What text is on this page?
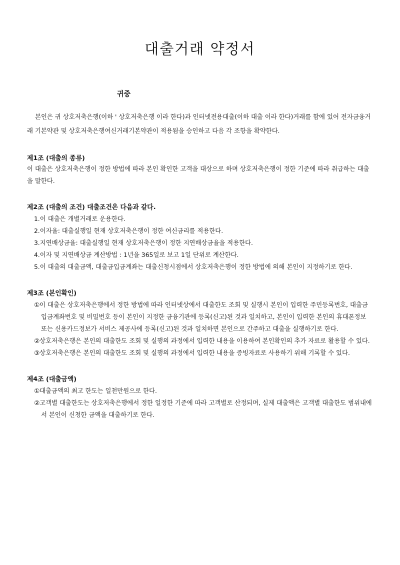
대출거래 약정서
귀중

본인은 귀 상호저축은행(이하 ' 상호저축은행 이라 한다)과 인터넷전용대출(이하 대출 이라 한다)거래를 함에 있어 전자금융거래 기본약관 및 상호저축은행여신거래기본약관이 적용됨을 승인하고 다음 각 조항을 확약한다.

제1조 (대출의 종류)

이 대출은 상호저축은행이 정한 방법에 따라 본인 확인한 고객을 대상으로 하며 상호저축은행이 정한 기준에 따라 취급하는 대출을 말한다.

제2조 (대출의 조건) 대출조건은 다음과 같다.

1.이 대출은 개별거래로 운용한다.

2.이자율: 대출실행일 현재 상호저축은행이 정한 여신금리를 적용한다.

3.지연배상금율: 대출실행일 현재 상호저축은행이 정한 지연배상금율을 적용한다.

4.이자 및 지연배상금 계산방법 : 1년을 365일로 보고 1일 단위로 계산한다.

5.이 대출의 대출금액, 대출금입금계좌는 대출신청시점에서 상호저축은행이 정한 방법에 의해 본인이 지정하기로 한다.

제3조 (본인확인)

①이 대출은 상호저축은행에서 정한 방법에 따라 인터넷상에서 대출한도 조회 및 실행시 본인이 입력한 주민등록번호, 대출금입금계좌번호 및 비밀번호 등이 본인이 지정한 금융기관에 등록(신고)된 것과 일치하고, 본인이 입력한 본인의 휴대폰정보 또는 신용카드정보가 서비스 제공사에 등록(신고)된 것과 일치하면 본인으로 간주하고 대출을 실행하기로 한다.

②상호저축은행은 본인의 대출한도 조회 및 실행의 과정에서 입력한 내용을 이용하여 본인확인의 추가 자료로 활용할 수 있다.

③상호저축은행은 본인의 대출한도 조회 및 실행의 과정에서 입력한 내용을 증빙자료로 사용하기 위해 기록할 수 있다.

제4조 (대출금액)

①대출금액의 최고 한도는 일천만원으로 한다.

②고객별 대출한도는 상호저축은행에서 정한 일정한 기준에 따라 고객별로 산정되며, 실제 대출액은 고객별 대출한도 범위내에서 본인이 신청한 금액을 대출하기로 한다.
